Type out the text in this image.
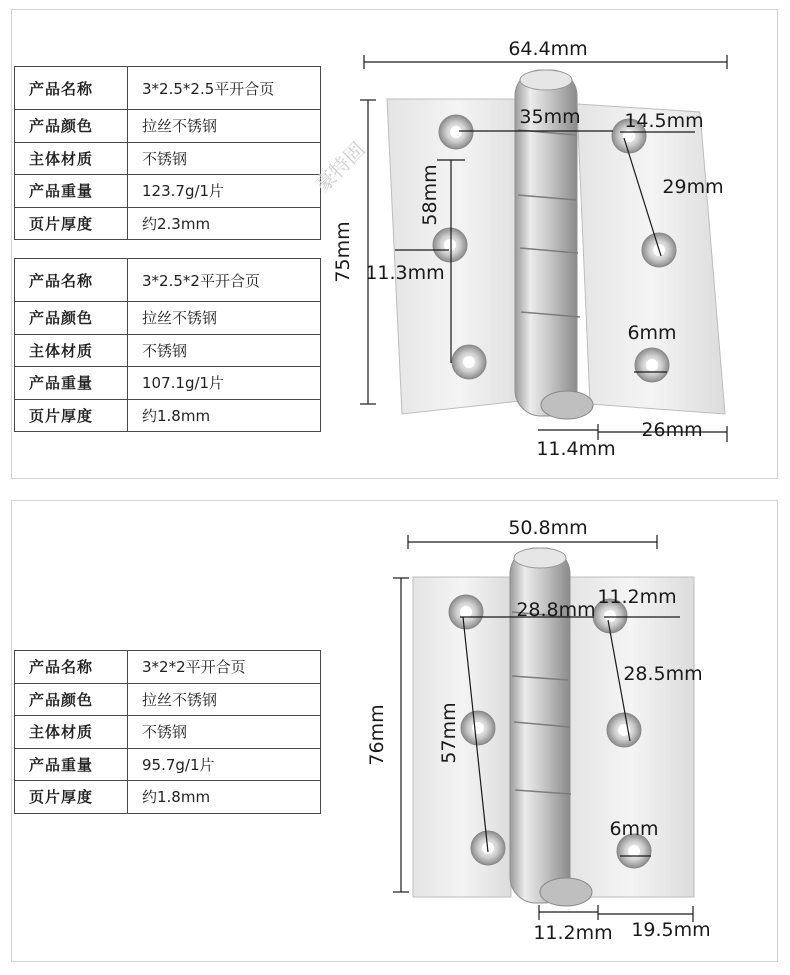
产品名称	3*2.5*2.5平开合页
产品颜色	拉丝不锈钢
主体材质	不锈钢
产品重量	123.7g/1片
页片厚度	约2.3mm
产品名称	3*2.5*2平开合页
产品颜色	拉丝不锈钢
主体材质	不锈钢
产品重量	107.1g/1片
页片厚度	约1.8mm
产品名称	3*2*2平开合页
产品颜色	拉丝不锈钢
主体材质	不锈钢
产品重量	95.7g/1片
页片厚度	约1.8mm
64.4mm
75mm
35mm 14.5mm
58mm	29mm
11.3mm
6mm
11.4mm
26mm
豪特固
50.8mm
76mm
28.8mm
11.2mm
28.5mm
57mm
6mm
11.2mm 19.5mm
